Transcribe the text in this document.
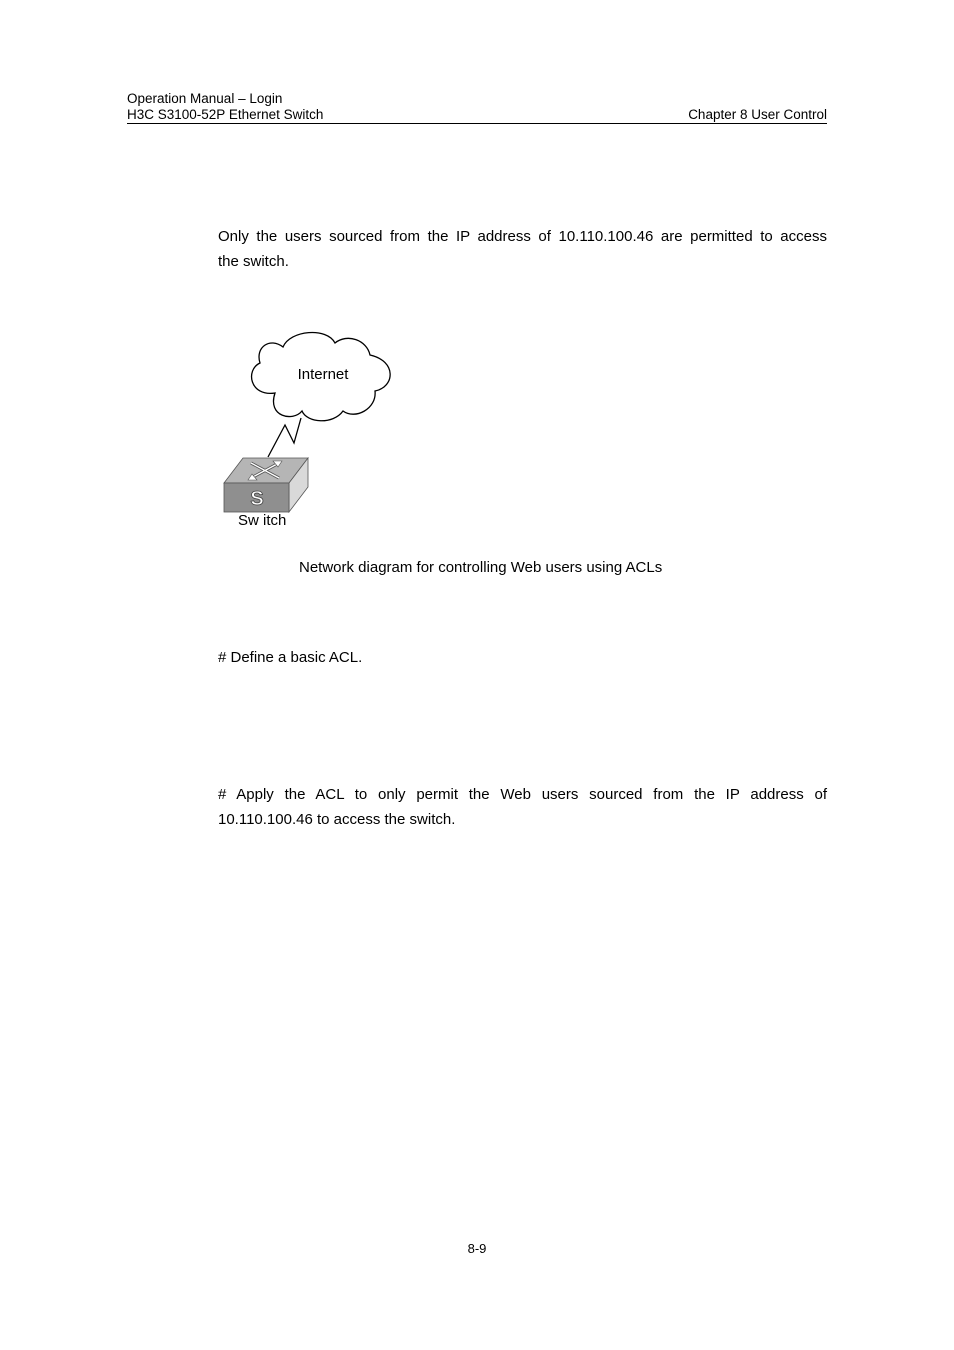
Operation Manual – Login
H3C S3100-52P Ethernet Switch	Chapter 8 User Control
Only the users sourced from the IP address of 10.110.100.46 are permitted to access
the switch.
Internet
S
Sw itch
Network diagram for controlling Web users using ACLs
# Define a basic ACL.
# Apply the ACL to only permit the Web users sourced from the IP address of
10.110.100.46 to access the switch.
8-9
